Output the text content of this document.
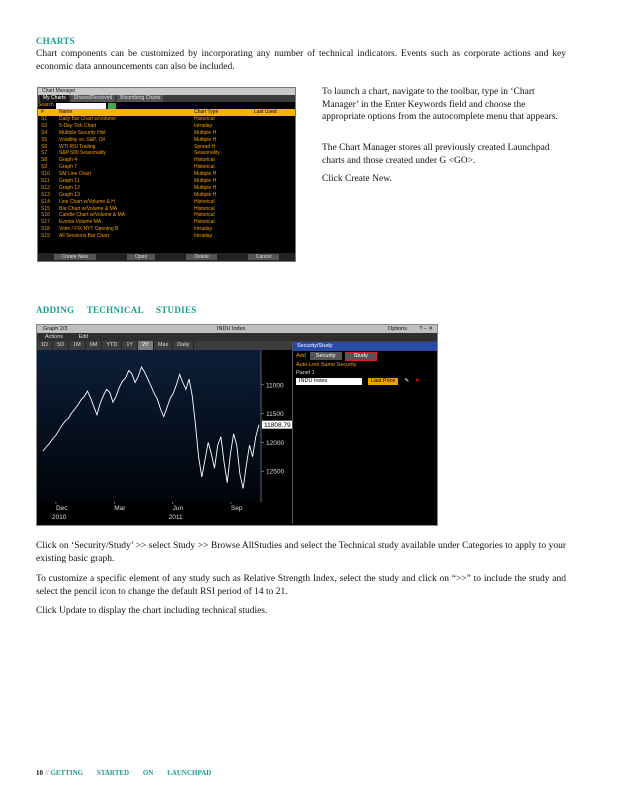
CHARTS
Chart components can be customized by incorporating any number of technical indicators. Events such as corporate actions and key economic data announcements can also be included.
Chart Manager
My Charts	Shared/Received	Bloomberg Charts
Search
#	Name	Chart Type	Last Used
S1	Daily Bar Chart w/Volume	Historical
S3	5-Day Tick Chart	Intraday
S4	Multiple Security Hist	Multiple H
S5	Volatility vs. S&P, Oil	Multiple H
S6	WTI RSI Trailing	Spread H
S7	S&P 500 Seasonality	Seasonality
S8	Graph 4	Historical
S9	Graph 7	Historical
S10	SM Line Chart	Multiple H
S11	Graph 11	Multiple H
S12	Graph 12	Multiple H
S13	Graph 13	Multiple H
S14	Line Chart w/Volume & H	Historical
S15	Bar Chart w/Volume & MA	Historical
S16	Candle Chart w/Volume & MA	Historical
S17	Events Volume MA	Historical
S18	Volm / FIX NYT Opening B	Intraday
S19	All Sessions Bar Chart	Intraday
Create New	Open	Delete	Cancel
To launch a chart, navigate to the toolbar, type in ‘Chart Manager’ in the Enter Keywords field and choose the appropriate options from the autocomplete menu that appears.
The Chart Manager stores all previously created Launchpad charts and those created under G <GO>.
Click Create New.
ADDING TECHNICAL STUDIES
Graph 2/3	INDU Index	Options ? – ✕
Actions	Edit
1D	5D	1M	6M	YTD	1Y	2Y	Max	Daily
12500
12000
11500
11000
11808.79
Dec
2010
Mar	Jun
2011
Sep
Security/Study
Add	Security	Study
Auto-Link Same Security
Panel 1
INDU Index	Last Price	✎ ✕
Click on ‘Security/Study’ >> select Study >> Browse AllStudies and select the Technical study available under Categories to apply to your existing basic graph.
To customize a specific element of any study such as Relative Strength Index, select the study and click on “>>” to include the study and select the pencil icon to change the default RSI period of 14 to 21.
Click Update to display the chart including technical studies.
10 // GETTING STARTED ON LAUNCHPAD
